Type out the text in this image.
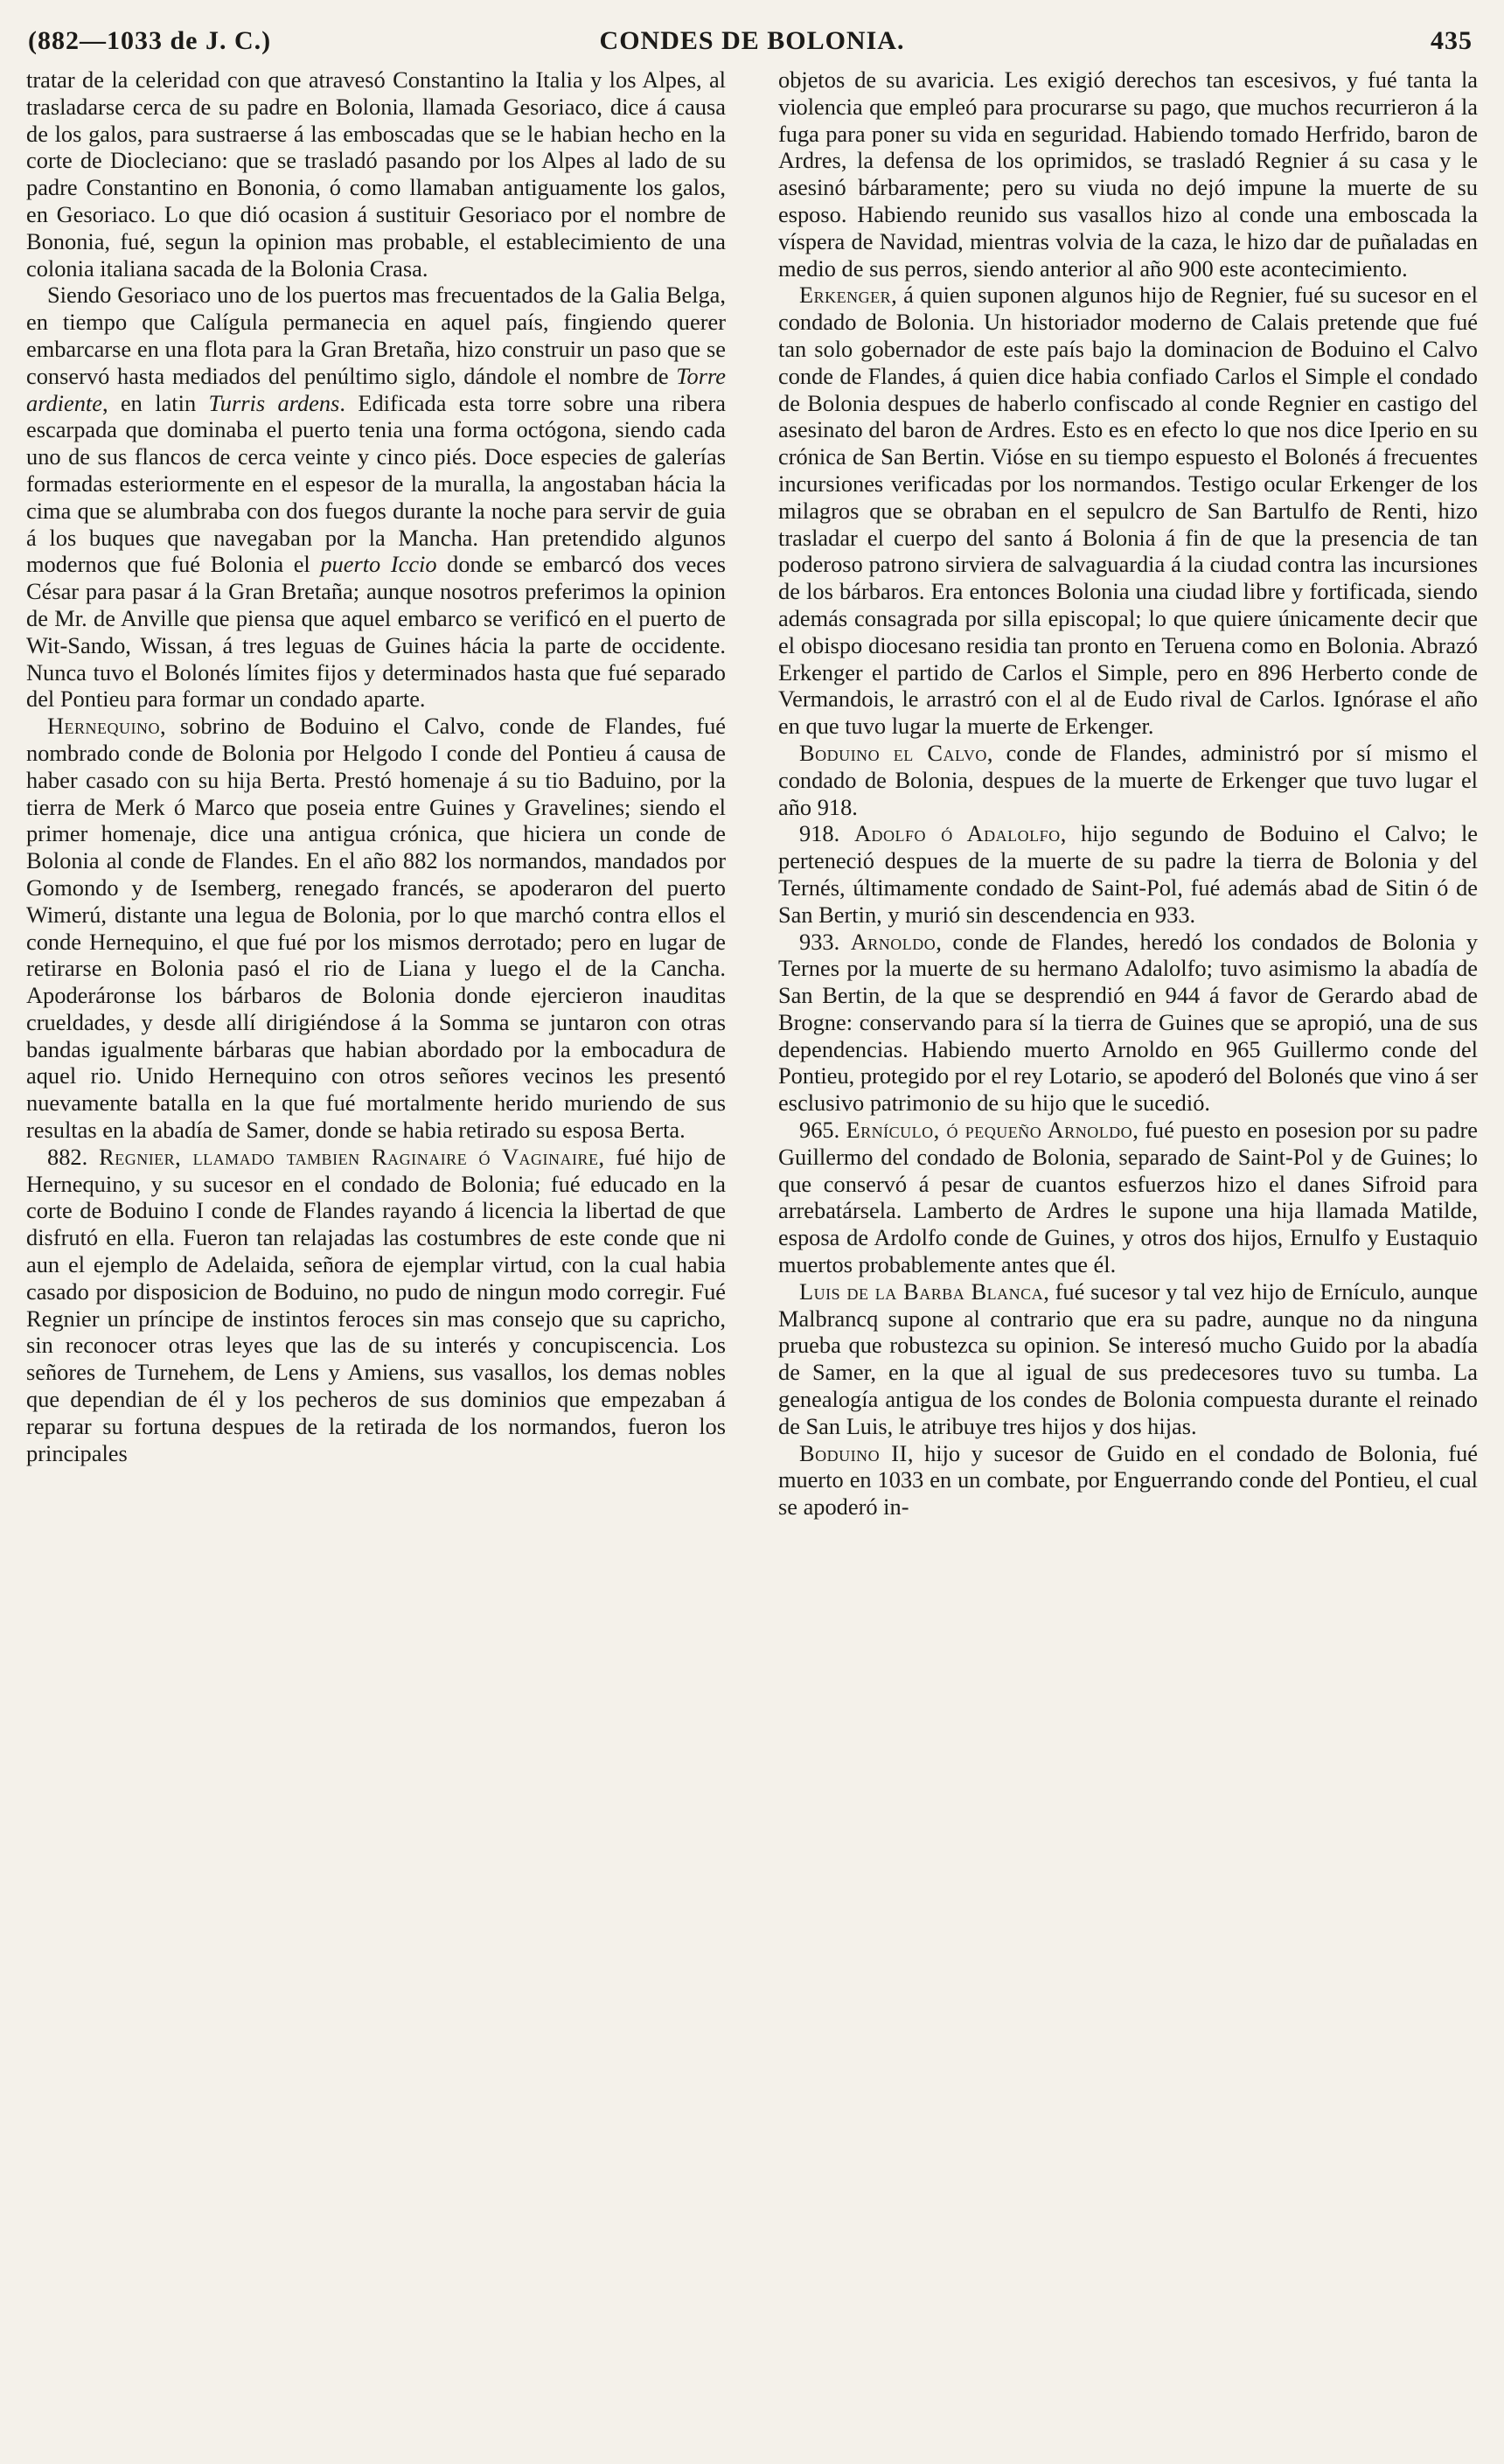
(882—1033 de J. C.)	CONDES DE BOLONIA.	435

tratar de la celeridad con que atravesó Constantino la Italia y los Alpes, al trasladarse cerca de su padre en Bolonia, llamada Gesoriaco, dice á causa de los galos, para sustraerse á las emboscadas que se le habian hecho en la corte de Diocleciano: que se trasladó pasando por los Alpes al lado de su padre Constantino en Bononia, ó como llamaban antiguamente los galos, en Gesoriaco. Lo que dió ocasion á sustituir Gesoriaco por el nombre de Bononia, fué, segun la opinion mas probable, el establecimiento de una colonia italiana sacada de la Bolonia Crasa.

Siendo Gesoriaco uno de los puertos mas frecuentados de la Galia Belga, en tiempo que Calígula permanecia en aquel país, fingiendo querer embarcarse en una flota para la Gran Bretaña, hizo construir un paso que se conservó hasta mediados del penúltimo siglo, dándole el nombre de Torre ardiente, en latin Turris ardens. Edificada esta torre sobre una ribera escarpada que dominaba el puerto tenia una forma octógona, siendo cada uno de sus flancos de cerca veinte y cinco piés. Doce especies de galerías formadas esteriormente en el espesor de la muralla, la angostaban hácia la cima que se alumbraba con dos fuegos durante la noche para servir de guia á los buques que navegaban por la Mancha. Han pretendido algunos modernos que fué Bolonia el puerto Iccio donde se embarcó dos veces César para pasar á la Gran Bretaña; aunque nosotros preferimos la opinion de Mr. de Anville que piensa que aquel embarco se verificó en el puerto de Wit-Sando, Wissan, á tres leguas de Guines hácia la parte de occidente. Nunca tuvo el Bolonés límites fijos y determinados hasta que fué separado del Pontieu para formar un condado aparte.

Hernequino, sobrino de Boduino el Calvo, conde de Flandes, fué nombrado conde de Bolonia por Helgodo I conde del Pontieu á causa de haber casado con su hija Berta. Prestó homenaje á su tio Baduino, por la tierra de Merk ó Marco que poseia entre Guines y Gravelines; siendo el primer homenaje, dice una antigua crónica, que hiciera un conde de Bolonia al conde de Flandes. En el año 882 los normandos, mandados por Gomondo y de Isemberg, renegado francés, se apoderaron del puerto Wimerú, distante una legua de Bolonia, por lo que marchó contra ellos el conde Hernequino, el que fué por los mismos derrotado; pero en lugar de retirarse en Bolonia pasó el rio de Liana y luego el de la Cancha. Apoderáronse los bárbaros de Bolonia donde ejercieron inauditas crueldades, y desde allí dirigiéndose á la Somma se juntaron con otras bandas igualmente bárbaras que habian abordado por la embocadura de aquel rio. Unido Hernequino con otros señores vecinos les presentó nuevamente batalla en la que fué mortalmente herido muriendo de sus resultas en la abadía de Samer, donde se habia retirado su esposa Berta.

882. Regnier, llamado tambien Raginaire ó Vaginaire, fué hijo de Hernequino, y su sucesor en el condado de Bolonia; fué educado en la corte de Boduino I conde de Flandes rayando á licencia la libertad de que disfrutó en ella. Fueron tan relajadas las costumbres de este conde que ni aun el ejemplo de Adelaida, señora de ejemplar virtud, con la cual habia casado por disposicion de Boduino, no pudo de ningun modo corregir. Fué Regnier un príncipe de instintos feroces sin mas consejo que su capricho, sin reconocer otras leyes que las de su interés y concupiscencia. Los señores de Turnehem, de Lens y Amiens, sus vasallos, los demas nobles que dependian de él y los pecheros de sus dominios que empezaban á reparar su fortuna despues de la retirada de los normandos, fueron los principales

objetos de su avaricia. Les exigió derechos tan escesivos, y fué tanta la violencia que empleó para procurarse su pago, que muchos recurrieron á la fuga para poner su vida en seguridad. Habiendo tomado Herfrido, baron de Ardres, la defensa de los oprimidos, se trasladó Regnier á su casa y le asesinó bárbaramente; pero su viuda no dejó impune la muerte de su esposo. Habiendo reunido sus vasallos hizo al conde una emboscada la víspera de Navidad, mientras volvia de la caza, le hizo dar de puñaladas en medio de sus perros, siendo anterior al año 900 este acontecimiento.

Erkenger, á quien suponen algunos hijo de Regnier, fué su sucesor en el condado de Bolonia. Un historiador moderno de Calais pretende que fué tan solo gobernador de este país bajo la dominacion de Boduino el Calvo conde de Flandes, á quien dice habia confiado Carlos el Simple el condado de Bolonia despues de haberlo confiscado al conde Regnier en castigo del asesinato del baron de Ardres. Esto es en efecto lo que nos dice Iperio en su crónica de San Bertin. Vióse en su tiempo espuesto el Bolonés á frecuentes incursiones verificadas por los normandos. Testigo ocular Erkenger de los milagros que se obraban en el sepulcro de San Bartulfo de Renti, hizo trasladar el cuerpo del santo á Bolonia á fin de que la presencia de tan poderoso patrono sirviera de salvaguardia á la ciudad contra las incursiones de los bárbaros. Era entonces Bolonia una ciudad libre y fortificada, siendo además consagrada por silla episcopal; lo que quiere únicamente decir que el obispo diocesano residia tan pronto en Teruena como en Bolonia. Abrazó Erkenger el partido de Carlos el Simple, pero en 896 Herberto conde de Vermandois, le arrastró con el al de Eudo rival de Carlos. Ignórase el año en que tuvo lugar la muerte de Erkenger.

Boduino el Calvo, conde de Flandes, administró por sí mismo el condado de Bolonia, despues de la muerte de Erkenger que tuvo lugar el año 918.

918. Adolfo ó Adalolfo, hijo segundo de Boduino el Calvo; le perteneció despues de la muerte de su padre la tierra de Bolonia y del Ternés, últimamente condado de Saint-Pol, fué además abad de Sitin ó de San Bertin, y murió sin descendencia en 933.

933. Arnoldo, conde de Flandes, heredó los condados de Bolonia y Ternes por la muerte de su hermano Adalolfo; tuvo asimismo la abadía de San Bertin, de la que se desprendió en 944 á favor de Gerardo abad de Brogne: conservando para sí la tierra de Guines que se apropió, una de sus dependencias. Habiendo muerto Arnoldo en 965 Guillermo conde del Pontieu, protegido por el rey Lotario, se apoderó del Bolonés que vino á ser esclusivo patrimonio de su hijo que le sucedió.

965. Ernículo, ó pequeño Arnoldo, fué puesto en posesion por su padre Guillermo del condado de Bolonia, separado de Saint-Pol y de Guines; lo que conservó á pesar de cuantos esfuerzos hizo el danes Sifroid para arrebatársela. Lamberto de Ardres le supone una hija llamada Matilde, esposa de Ardolfo conde de Guines, y otros dos hijos, Ernulfo y Eustaquio muertos probablemente antes que él.

Luis de la Barba Blanca, fué sucesor y tal vez hijo de Ernículo, aunque Malbrancq supone al contrario que era su padre, aunque no da ninguna prueba que robustezca su opinion. Se interesó mucho Guido por la abadía de Samer, en la que al igual de sus predecesores tuvo su tumba. La genealogía antigua de los condes de Bolonia compuesta durante el reinado de San Luis, le atribuye tres hijos y dos hijas.

Boduino II, hijo y sucesor de Guido en el condado de Bolonia, fué muerto en 1033 en un combate, por Enguerrando conde del Pontieu, el cual se apoderó in-
